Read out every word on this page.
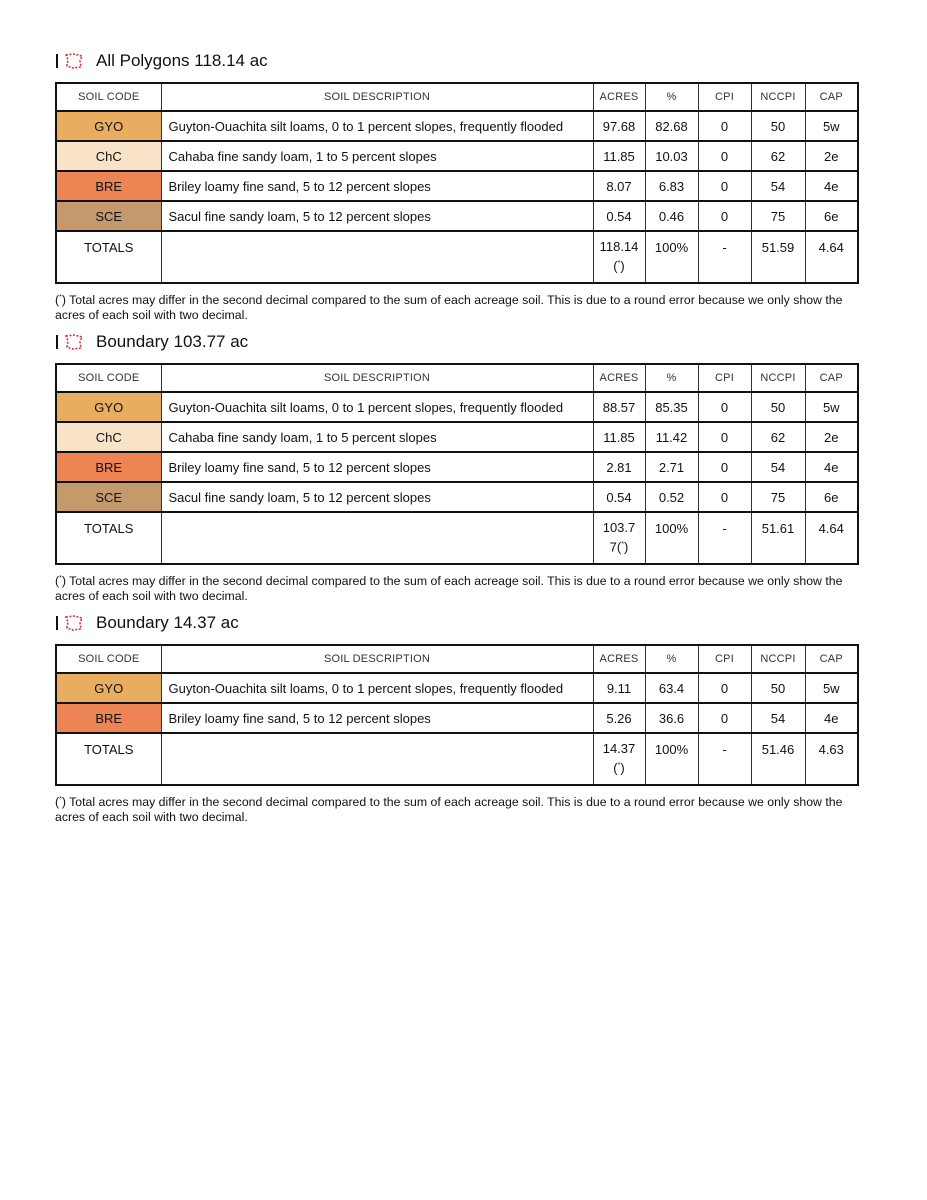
All Polygons 118.14 ac
SOIL CODE	SOIL DESCRIPTION	ACRES	%	CPI	NCCPI	CAP
GYO	Guyton-Ouachita silt loams, 0 to 1 percent slopes, frequently flooded	97.68	82.68	0	50	5w
ChC	Cahaba fine sandy loam, 1 to 5 percent slopes	11.85	10.03	0	62	2e
BRE	Briley loamy fine sand, 5 to 12 percent slopes	8.07	6.83	0	54	4e
SCE	Sacul fine sandy loam, 5 to 12 percent slopes	0.54	0.46	0	75	6e
TOTALS		118.14(*)	100%	-	51.59	4.64
(*) Total acres may differ in the second decimal compared to the sum of each acreage soil. This is due to a round error because we only show the acres of each soil with two decimal.
Boundary 103.77 ac
SOIL CODE	SOIL DESCRIPTION	ACRES	%	CPI	NCCPI	CAP
GYO	Guyton-Ouachita silt loams, 0 to 1 percent slopes, frequently flooded	88.57	85.35	0	50	5w
ChC	Cahaba fine sandy loam, 1 to 5 percent slopes	11.85	11.42	0	62	2e
BRE	Briley loamy fine sand, 5 to 12 percent slopes	2.81	2.71	0	54	4e
SCE	Sacul fine sandy loam, 5 to 12 percent slopes	0.54	0.52	0	75	6e
TOTALS		103.77(*)	100%	-	51.61	4.64
(*) Total acres may differ in the second decimal compared to the sum of each acreage soil. This is due to a round error because we only show the acres of each soil with two decimal.
Boundary 14.37 ac
SOIL CODE	SOIL DESCRIPTION	ACRES	%	CPI	NCCPI	CAP
GYO	Guyton-Ouachita silt loams, 0 to 1 percent slopes, frequently flooded	9.11	63.4	0	50	5w
BRE	Briley loamy fine sand, 5 to 12 percent slopes	5.26	36.6	0	54	4e
TOTALS		14.37(*)	100%	-	51.46	4.63
(*) Total acres may differ in the second decimal compared to the sum of each acreage soil. This is due to a round error because we only show the acres of each soil with two decimal.
